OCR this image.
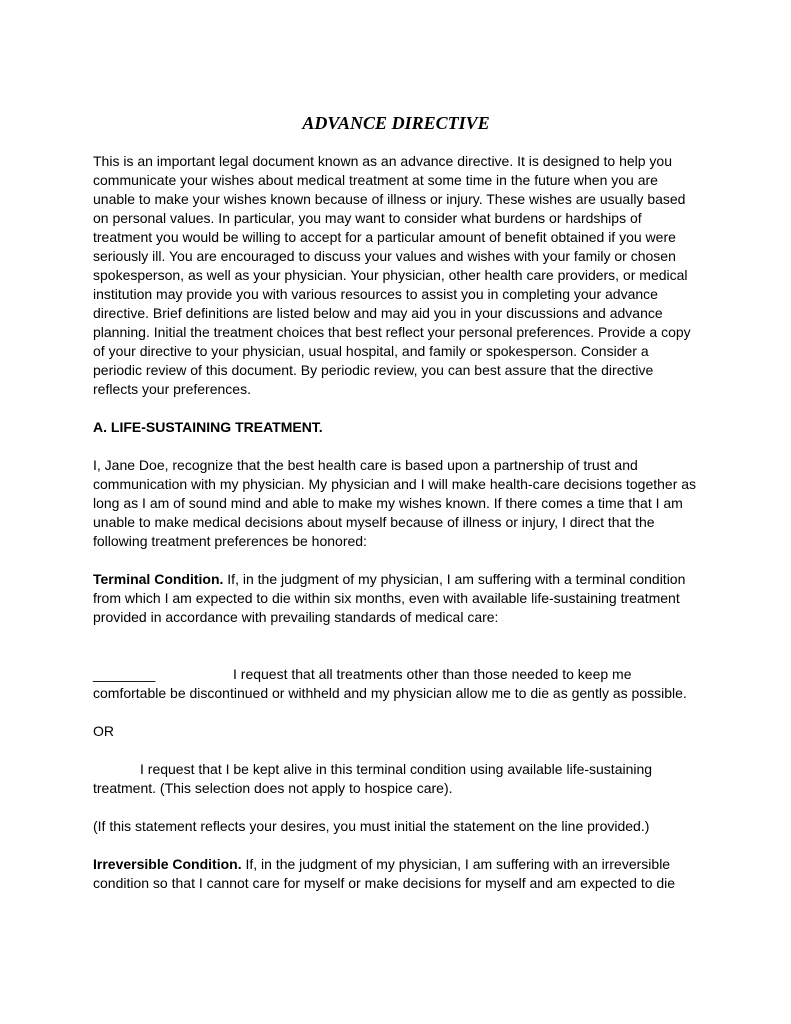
ADVANCE DIRECTIVE

This is an important legal document known as an advance directive. It is designed to help you communicate your wishes about medical treatment at some time in the future when you are unable to make your wishes known because of illness or injury. These wishes are usually based on personal values. In particular, you may want to consider what burdens or hardships of treatment you would be willing to accept for a particular amount of benefit obtained if you were seriously ill. You are encouraged to discuss your values and wishes with your family or chosen spokesperson, as well as your physician. Your physician, other health care providers, or medical institution may provide you with various resources to assist you in completing your advance directive. Brief definitions are listed below and may aid you in your discussions and advance planning. Initial the treatment choices that best reflect your personal preferences. Provide a copy of your directive to your physician, usual hospital, and family or spokesperson. Consider a periodic review of this document. By periodic review, you can best assure that the directive reflects your preferences.

A. LIFE-SUSTAINING TREATMENT.

I, Jane Doe, recognize that the best health care is based upon a partnership of trust and communication with my physician. My physician and I will make health-care decisions together as long as I am of sound mind and able to make my wishes known. If there comes a time that I am unable to make medical decisions about myself because of illness or injury, I direct that the following treatment preferences be honored:

Terminal Condition. If, in the judgment of my physician, I am suffering with a terminal condition from which I am expected to die within six months, even with available life-sustaining treatment provided in accordance with prevailing standards of medical care:

________	I request that all treatments other than those needed to keep me comfortable be discontinued or withheld and my physician allow me to die as gently as possible.

OR

I request that I be kept alive in this terminal condition using available life-sustaining treatment. (This selection does not apply to hospice care).

(If this statement reflects your desires, you must initial the statement on the line provided.)

Irreversible Condition. If, in the judgment of my physician, I am suffering with an irreversible condition so that I cannot care for myself or make decisions for myself and am expected to die
